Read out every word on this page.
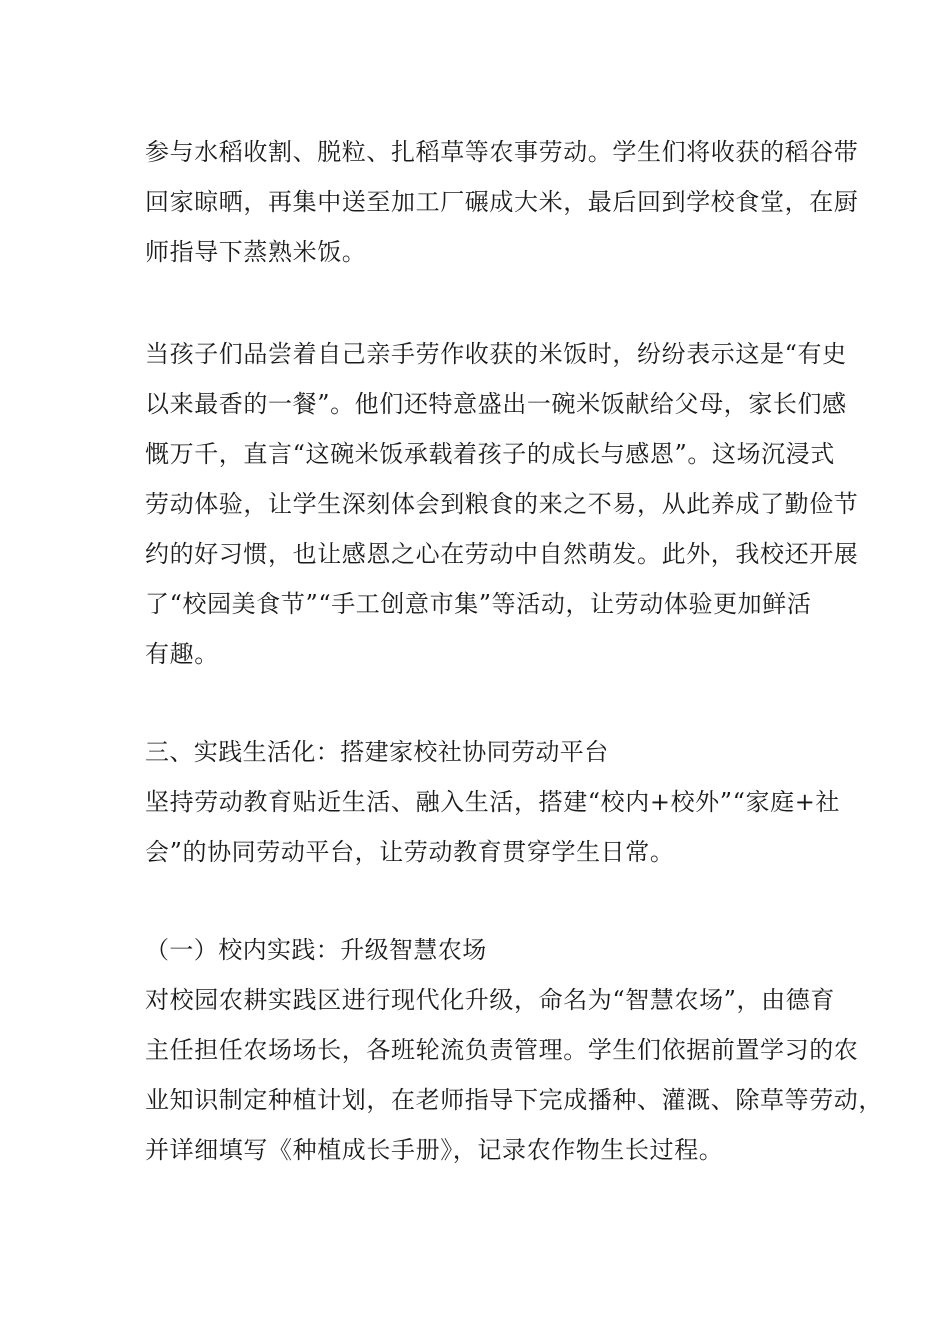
参与水稻收割、脱粒、扎稻草等农事劳动。学生们将收获的稻谷带

回家晾晒，再集中送至加工厂碾成大米，最后回到学校食堂，在厨

师指导下蒸熟米饭。

当孩子们品尝着自己亲手劳作收获的米饭时，纷纷表示这是“有史

以来最香的一餐”。他们还特意盛出一碗米饭献给父母，家长们感

慨万千，直言“这碗米饭承载着孩子的成长与感恩”。这场沉浸式

劳动体验，让学生深刻体会到粮食的来之不易，从此养成了勤俭节

约的好习惯，也让感恩之心在劳动中自然萌发。此外，我校还开展

了“校园美食节”“手工创意市集”等活动，让劳动体验更加鲜活

有趣。

三、实践生活化：搭建家校社协同劳动平台

坚持劳动教育贴近生活、融入生活，搭建“校内+校外”“家庭+社

会”的协同劳动平台，让劳动教育贯穿学生日常。

（一）校内实践：升级智慧农场

对校园农耕实践区进行现代化升级，命名为“智慧农场”，由德育

主任担任农场场长，各班轮流负责管理。学生们依据前置学习的农

业知识制定种植计划，在老师指导下完成播种、灌溉、除草等劳动，

并详细填写《种植成长手册》，记录农作物生长过程。
